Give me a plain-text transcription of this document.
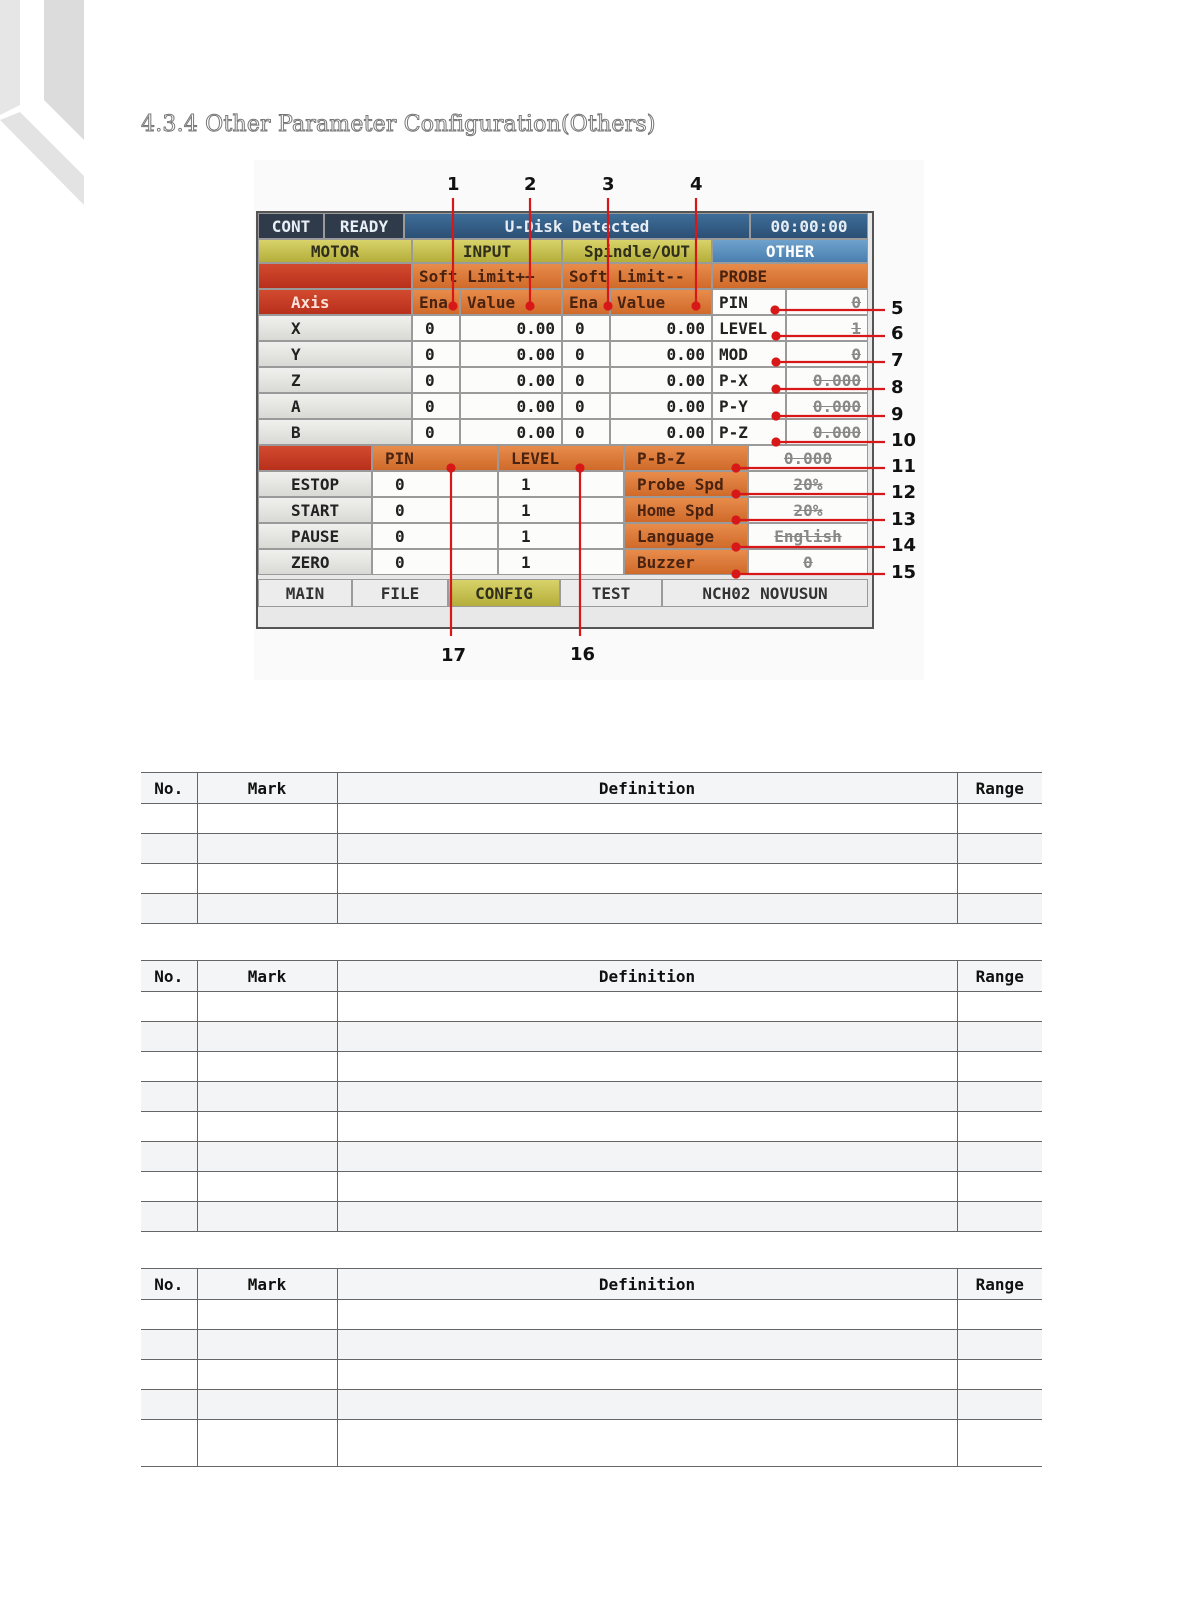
4.3.4 Other Parameter Configuration(Others)
CONT	READY	U-Disk Detected	00:00:00
MOTOR	INPUT	Spindle/OUT	OTHER
Soft Limit++	Soft Limit--	PROBE
Axis	Ena	Value	Ena	Value	PIN	0
X	0	0.00	0	0.00 LEVEL	1
Y	0	0.00	0	0.00 MOD	0
Z	0	0.00	0	0.00 P-X	0.000
A	0	0.00	0	0.00 P-Y	0.000
B	0	0.00	0	0.00 P-Z	0.000
PIN	LEVEL	P-B-Z	0.000
ESTOP	0	1	Probe Spd	20%
START	0	1	Home Spd	20%
PAUSE	0	1	Language	English
ZERO	0	1	Buzzer	0
MAIN	FILE	CONFIG	TEST	NCH02 NOVUSUN
1	2	3	4
5
6
7
8
9
10
11
12
13
14
15
16
17
No.	Mark	Definition	Range

No.	Mark	Definition	Range

No.	Mark	Definition	Range
